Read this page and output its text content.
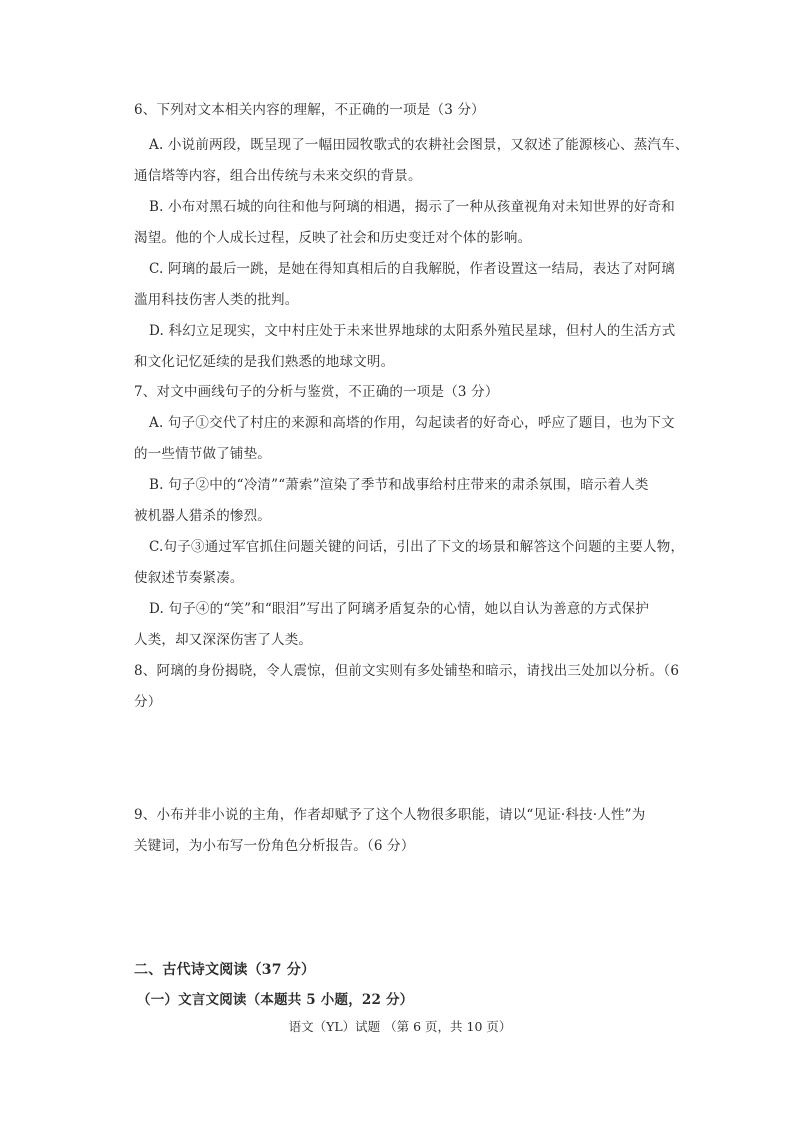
6、下列对文本相关内容的理解，不正确的一项是（3 分）
A. 小说前两段，既呈现了一幅田园牧歌式的农耕社会图景，又叙述了能源核心、蒸汽车、
通信塔等内容，组合出传统与未来交织的背景。
B. 小布对黑石城的向往和他与阿璃的相遇，揭示了一种从孩童视角对未知世界的好奇和
渴望。他的个人成长过程，反映了社会和历史变迁对个体的影响。
C. 阿璃的最后一跳，是她在得知真相后的自我解脱，作者设置这一结局，表达了对阿璃
滥用科技伤害人类的批判。
D. 科幻立足现实，文中村庄处于未来世界地球的太阳系外殖民星球，但村人的生活方式
和文化记忆延续的是我们熟悉的地球文明。
7、对文中画线句子的分析与鉴赏，不正确的一项是（3 分）
A. 句子①交代了村庄的来源和高塔的作用，勾起读者的好奇心，呼应了题目，也为下文
的一些情节做了铺垫。
B. 句子②中的“冷清”“萧索”渲染了季节和战事给村庄带来的肃杀氛围，暗示着人类
被机器人猎杀的惨烈。
C.句子③通过军官抓住问题关键的问话，引出了下文的场景和解答这个问题的主要人物，
使叙述节奏紧凑。
D. 句子④的“笑”和“眼泪”写出了阿璃矛盾复杂的心情，她以自认为善意的方式保护
人类，却又深深伤害了人类。
8、阿璃的身份揭晓，令人震惊，但前文实则有多处铺垫和暗示，请找出三处加以分析。（6
分）
9、小布并非小说的主角，作者却赋予了这个人物很多职能，请以“见证·科技·人性”为
关键词，为小布写一份角色分析报告。（6 分）
二、古代诗文阅读（37 分）
（一）文言文阅读（本题共 5 小题，22 分）
语文（YL）试题 （第 6 页，共 10 页）
